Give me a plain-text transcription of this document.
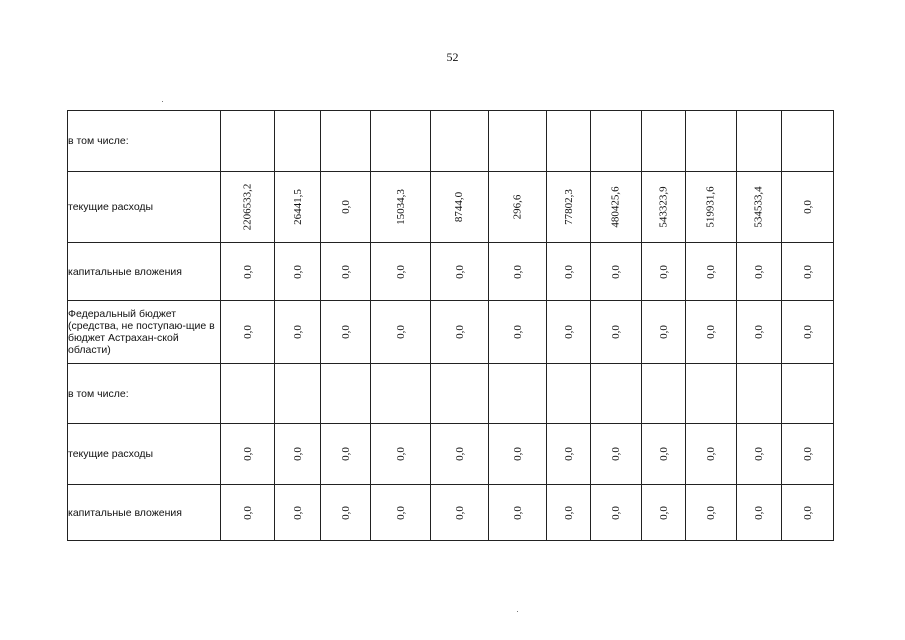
52
в том числе:	

текущие расходы	2206533,2	26441,5	0,0	15034,3	8744,0	296,6	77802,3	480425,6	543323,9	519931,6	534533,4	0,0

капитальные вложения	0,0	0,0	0,0	0,0	0,0	0,0	0,0	0,0	0,0	0,0	0,0	0,0

Федеральный бюджет (средства, не поступаю-щие в бюджет Астрахан-ской области)	0,0	0,0	0,0	0,0	0,0	0,0	0,0	0,0	0,0	0,0	0,0	0,0

в том числе:	

текущие расходы	0,0	0,0	0,0	0,0	0,0	0,0	0,0	0,0	0,0	0,0	0,0	0,0

капитальные вложения	0,0	0,0	0,0	0,0	0,0	0,0	0,0	0,0	0,0	0,0	0,0	0,0
